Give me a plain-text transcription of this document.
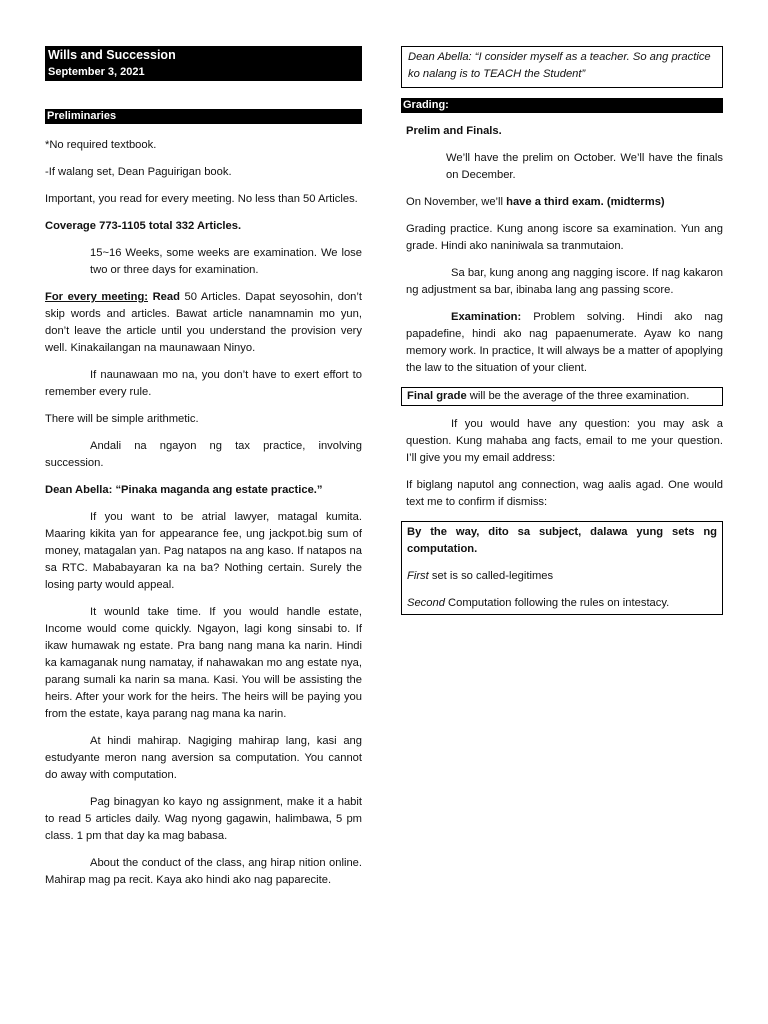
Wills and Succession
September 3, 2021
Preliminaries

*No required textbook.

-If walang set, Dean Paguirigan book.

Important, you read for every meeting. No less than 50 Articles.

Coverage 773-1105 total 332 Articles.

15~16 Weeks, some weeks are examination. We lose two or three days for examination.

For every meeting: Read 50 Articles. Dapat seyosohin, don’t skip words and articles. Bawat article nanamnamin mo yun, don’t leave the article until you understand the provision very well. Kinakailangan na maunawaan Ninyo.

If naunawaan mo na, you don’t have to exert effort to remember every rule.

There will be simple arithmetic.

Andali na ngayon ng tax practice, involving succession.

Dean Abella: “Pinaka maganda ang estate practice.”

If you want to be atrial lawyer, matagal kumita. Maaring kikita yan for appearance fee, ung jackpot.big sum of money, matagalan yan. Pag natapos na ang kaso. If natapos na sa RTC. Mababayaran ka na ba? Nothing certain. Surely the losing party would appeal.

It wounld take time. If you would handle estate, Income would come quickly. Ngayon, lagi kong sinsabi to. If ikaw humawak ng estate. Pra bang nang mana ka narin. Hindi ka kamaganak nung namatay, if nahawakan mo ang estate nya, parang sumali ka narin sa mana. Kasi. You will be assisting the heirs. After your work for the heirs. The heirs will be paying you from the estate, kaya parang nag mana ka narin.

At hindi mahirap. Nagiging mahirap lang, kasi ang estudyante meron nang aversion sa computation. You cannot do away with computation.

Pag binagyan ko kayo ng assignment, make it a habit to read 5 articles daily. Wag nyong gagawin, halimbawa, 5 pm class. 1 pm that day ka mag babasa.

About the conduct of the class, ang hirap nition online. Mahirap mag pa recit. Kaya ako hindi ako nag paparecite.

Dean Abella: “I consider myself as a teacher. So ang practice ko nalang is to TEACH the Student”
Grading:

Prelim and Finals.

We’ll have the prelim on October. We’ll have the finals on December.

On November, we’ll have a third exam. (midterms)

Grading practice. Kung anong iscore sa examination. Yun ang grade. Hindi ako naniniwala sa tranmutaion.

Sa bar, kung anong ang nagging iscore. If nag kakaron ng adjustment sa bar, ibinaba lang ang passing score.

Examination: Problem solving. Hindi ako nag papadefine, hindi ako nag papaenumerate. Ayaw ko nang memory work. In practice, It will always be a matter of apoplying the law to the situation of your client.

Final grade will be the average of the three examination.

If you would have any question: you may ask a question. Kung mahaba ang facts, email to me your question. I’ll give you my email address:

If biglang naputol ang connection, wag aalis agad. One would text me to confirm if dismiss:

By the way, dito sa subject, dalawa yung sets ng computation.

First set is so called-legitimes

Second Computation following the rules on intestacy.
